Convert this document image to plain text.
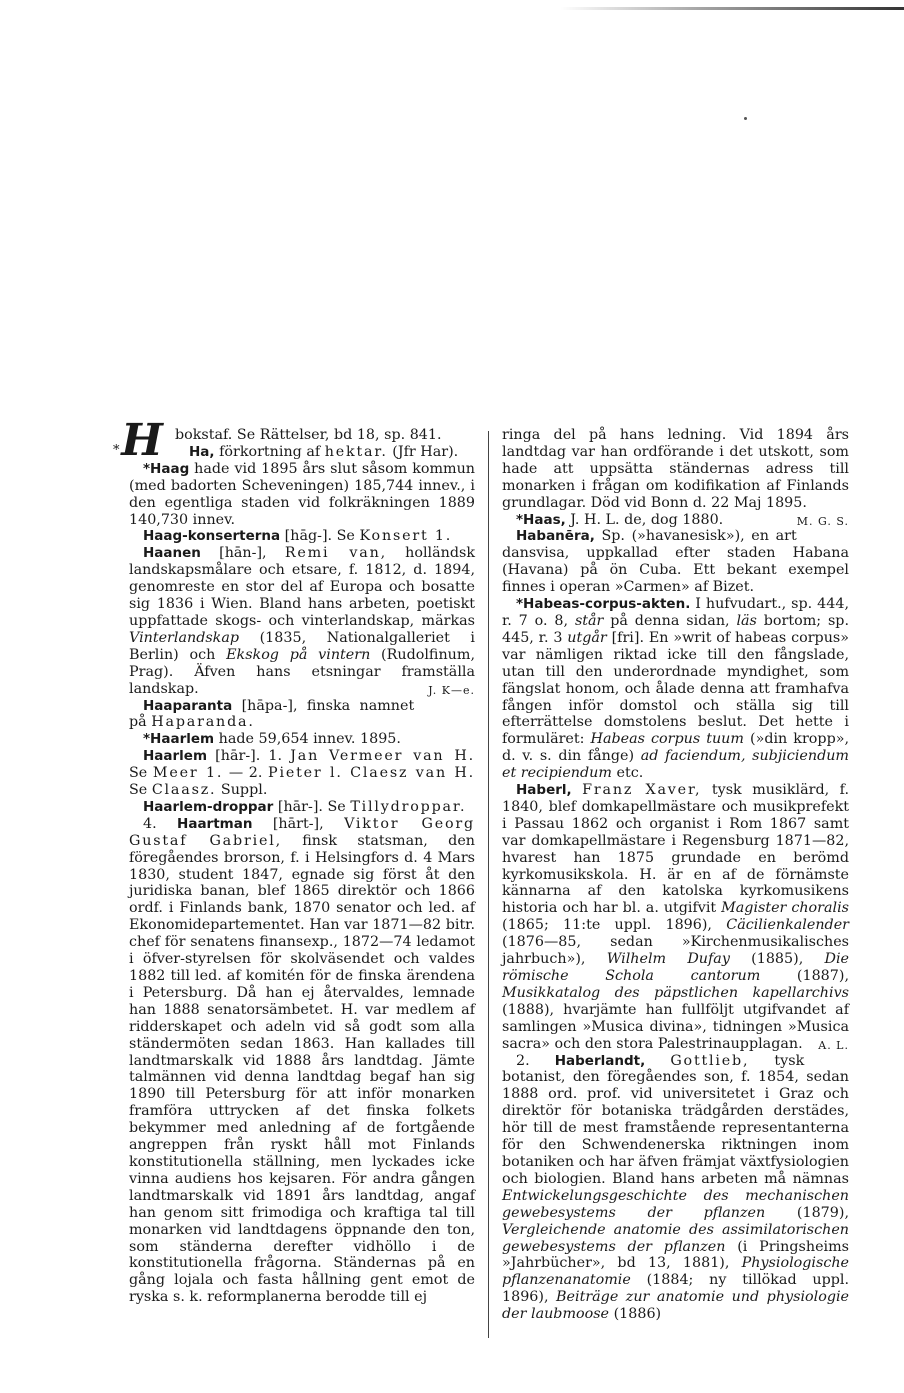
* H bokstaf. Se Rättelser, bd 18, sp. 841.

Ha, förkortning af hektar. (Jfr Har).

*Haag hade vid 1895 års slut såsom kommun (med badorten Scheveningen) 185,744 innev., i den egentliga staden vid folkräkningen 1889 140,730 innev.

Haag-konserterna [hāg-]. Se Konsert 1.

Haanen [hān-], Remi van, holländsk landskapsmålare och etsare, f. 1812, d. 1894, genomreste en stor del af Europa och bosatte sig 1836 i Wien. Bland hans arbeten, poetiskt uppfattade skogs- och vinterlandskap, märkas Vinterlandskap (1835, Nationalgalleriet i Berlin) och Ekskog på vintern (Rudolfinum, Prag). Äfven hans etsningar framställa landskap.	J. K—e.

Haaparanta [hāpa-], finska namnet på Haparanda.

*Haarlem hade 59,654 innev. 1895.

Haarlem [hār-]. 1. Jan Vermeer van H. Se Meer 1. — 2. Pieter l. Claesz van H. Se Claasz. Suppl.

Haarlem-droppar [hār-]. Se Tillydroppar.

4. Haartman [hārt-], Viktor Georg Gustaf Gabriel, finsk statsman, den föregåendes brorson, f. i Helsingfors d. 4 Mars 1830, student 1847, egnade sig först åt den juridiska banan, blef 1865 direktör och 1866 ordf. i Finlands bank, 1870 senator och led. af Ekonomidepartementet. Han var 1871—82 bitr. chef för senatens finansexp., 1872—74 ledamot i öfver-styrelsen för skolväsendet och valdes 1882 till led. af komitén för de finska ärendena i Petersburg. Då han ej återvaldes, lemnade han 1888 senatorsämbetet. H. var medlem af ridderskapet och adeln vid så godt som alla ständermöten sedan 1863. Han kallades till landtmarskalk vid 1888 års landtdag. Jämte talmännen vid denna landtdag begaf han sig 1890 till Petersburg för att inför monarken framföra uttrycken af det finska folkets bekymmer med anledning af de fortgående angreppen från ryskt håll mot Finlands konstitutionella ställning, men lyckades icke vinna audiens hos kejsaren. För andra gången landtmarskalk vid 1891 års landtdag, angaf han genom sitt frimodiga och kraftiga tal till monarken vid landtdagens öppnande den ton, som ständerna derefter vidhöllo i de konstitutionella frågorna. Ständernas på en gång lojala och fasta hållning gent emot de ryska s. k. reformplanerna berodde till ej

ringa del på hans ledning. Vid 1894 års landtdag var han ordförande i det utskott, som hade att uppsätta ständernas adress till monarken i frågan om kodifikation af Finlands grundlagar. Död vid Bonn d. 22 Maj 1895.
M. G. S.

*Haas, J. H. L. de, dog 1880.

Habanēra, Sp. (»havanesisk»), en art dansvisa, uppkallad efter staden Habana (Havana) på ön Cuba. Ett bekant exempel finnes i operan »Carmen» af Bizet.

*Habeas-corpus-akten. I hufvudart., sp. 444, r. 7 o. 8, står på denna sidan, läs bortom; sp. 445, r. 3 utgår [fri]. En »writ of habeas corpus» var nämligen riktad icke till den fångslade, utan till den underordnade myndighet, som fängslat honom, och ålade denna att framhafva fången inför domstol och ställa sig till efterrättelse domstolens beslut. Det hette i formuläret: Habeas corpus tuum (»din kropp», d. v. s. din fånge) ad faciendum, subjiciendum et recipiendum etc.

Haberl, Franz Xaver, tysk musiklärd, f. 1840, blef domkapellmästare och musikprefekt i Passau 1862 och organist i Rom 1867 samt var domkapellmästare i Regensburg 1871—82, hvarest han 1875 grundade en berömd kyrkomusikskola. H. är en af de förnämste kännarna af den katolska kyrkomusikens historia och har bl. a. utgifvit Magister choralis (1865; 11:te uppl. 1896), Cäcilienkalender (1876—85, sedan »Kirchenmusikalisches jahrbuch»), Wilhelm Dufay (1885), Die römische Schola cantorum (1887), Musikkatalog des päpstlichen kapellarchivs (1888), hvarjämte han fullföljt utgifvandet af samlingen »Musica divina», tidningen »Musica sacra» och den stora Palestrinaupplagan.	A. L.

2. Haberlandt, Gottlieb, tysk botanist, den föregåendes son, f. 1854, sedan 1888 ord. prof. vid universitetet i Graz och direktör för botaniska trädgården derstädes, hör till de mest framstående representanterna för den Schwendenerska riktningen inom botaniken och har äfven främjat växtfysiologien och biologien. Bland hans arbeten må nämnas Entwickelungsgeschichte des mechanischen gewebesystems der pflanzen (1879), Vergleichende anatomie des assimilatorischen gewebesystems der pflanzen (i Pringsheims »Jahrbücher», bd 13, 1881), Physiologische pflanzenanatomie (1884; ny tillökad uppl. 1896), Beiträge zur anatomie und physiologie der laubmoose (1886)
